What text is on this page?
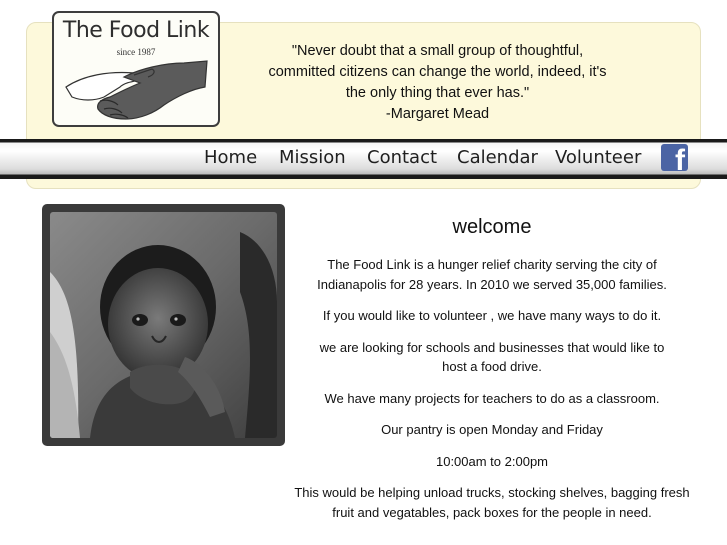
The Food Link
since 1987	"Never doubt that a small group of thoughtful,
committed citizens can change the world, indeed, it's
the only thing that ever has."
-Margaret Mead
Home Mission Contact Calendar Volunteer f
welcome

The Food Link is a hunger relief charity serving the city of Indianapolis for 28 years. In 2010 we served 35,000 families.

If you would like to volunteer , we have many ways to do it.

we are looking for schools and businesses that would like to host a food drive.

We have many projects for teachers to do as a classroom.

Our pantry is open Monday and Friday

10:00am to 2:00pm

This would be helping unload trucks, stocking shelves, bagging fresh fruit and vegatables, pack boxes for the people in need.
